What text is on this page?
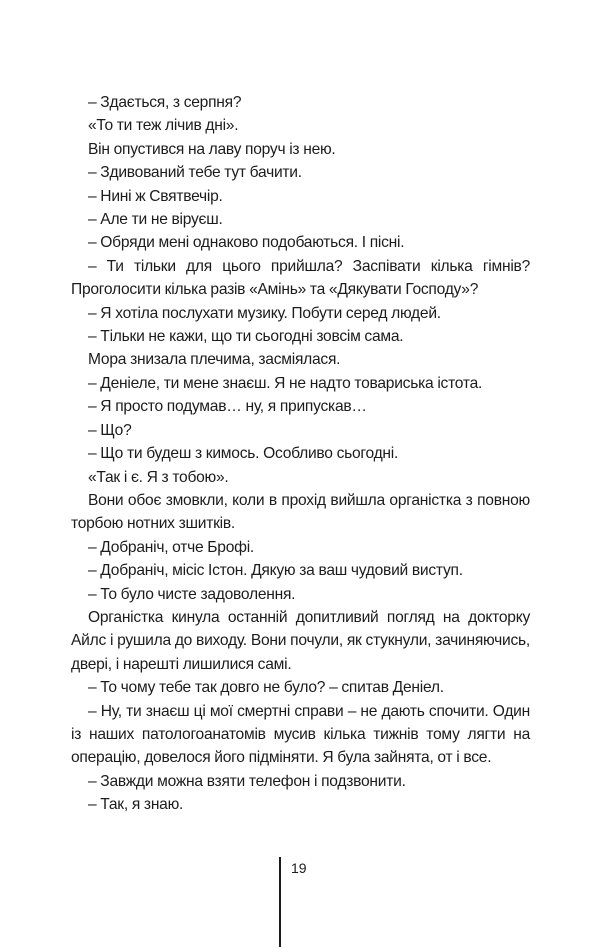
– Здається, з серпня?

«То ти теж лічив дні».

Він опустився на лаву поруч із нею.

– Здивований тебе тут бачити.

– Нині ж Святвечір.

– Але ти не віруєш.

– Обряди мені однаково подобаються. І пісні.

– Ти тільки для цього прийшла? Заспівати кілька гімнів? Проголосити кілька разів «Амінь» та «Дякувати Господу»?

– Я хотіла послухати музику. Побути серед людей.

– Тільки не кажи, що ти сьогодні зовсім сама.

Мора знизала плечима, засміялася.

– Деніеле, ти мене знаєш. Я не надто товариська істота.

– Я просто подумав… ну, я припускав…

– Що?

– Що ти будеш з кимось. Особливо сьогодні.

«Так і є. Я з тобою».

Вони обоє змовкли, коли в прохід вийшла органістка з повною торбою нотних зшитків.

– Добраніч, отче Брофі.

– Добраніч, місіс Істон. Дякую за ваш чудовий виступ.

– То було чисте задоволення.

Органістка кинула останній допитливий погляд на докторку Айлс і рушила до виходу. Вони почули, як стукнули, зачиняючись, двері, і нарешті лишилися самі.

– То чому тебе так довго не було? – спитав Деніел.

– Ну, ти знаєш ці мої смертні справи – не дають спочити. Один із наших патологоанатомів мусив кілька тижнів тому лягти на операцію, довелося його підміняти. Я була зайнята, от і все.

– Завжди можна взяти телефон і подзвонити.

– Так, я знаю.

19
